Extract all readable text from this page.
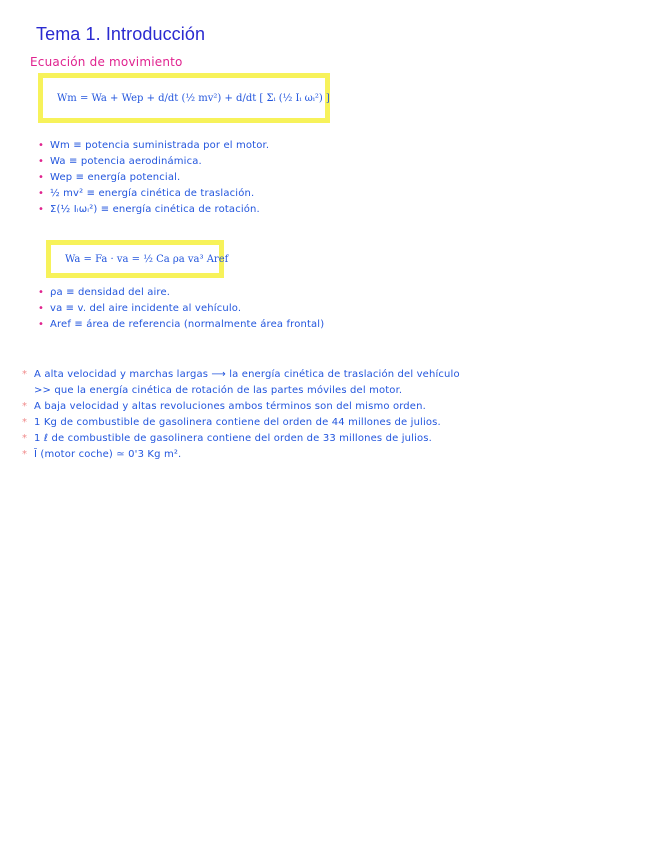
Tema 1. Introducción
Ecuación de movimiento
Wm = Wa + Wep + d/dt (½ mv²) + d/dt [ Σᵢ (½ Iᵢ ωᵢ²) ]
• Wm ≡ potencia suministrada por el motor.
• Wa ≡ potencia aerodinámica.
• Wep ≡ energía potencial.
• ½ mv² ≡ energía cinética de traslación.
• Σ(½ Iᵢωᵢ²) ≡ energía cinética de rotación.
Wa = Fa · va = ½ Ca ρa va³ Aref
• ρa ≡ densidad del aire.
• va ≡ v. del aire incidente al vehículo.
• Aref ≡ área de referencia (normalmente área frontal)
* A alta velocidad y marchas largas ⟶ la energía cinética de traslación del vehículo
>> que la energía cinética de rotación de las partes móviles del motor.
* A baja velocidad y altas revoluciones ambos términos son del mismo orden.
* 1 Kg de combustible de gasolinera contiene del orden de 44 millones de julios.
* 1 ℓ de combustible de gasolinera contiene del orden de 33 millones de julios.
* Ī (motor coche) ≃ 0'3 Kg m².
